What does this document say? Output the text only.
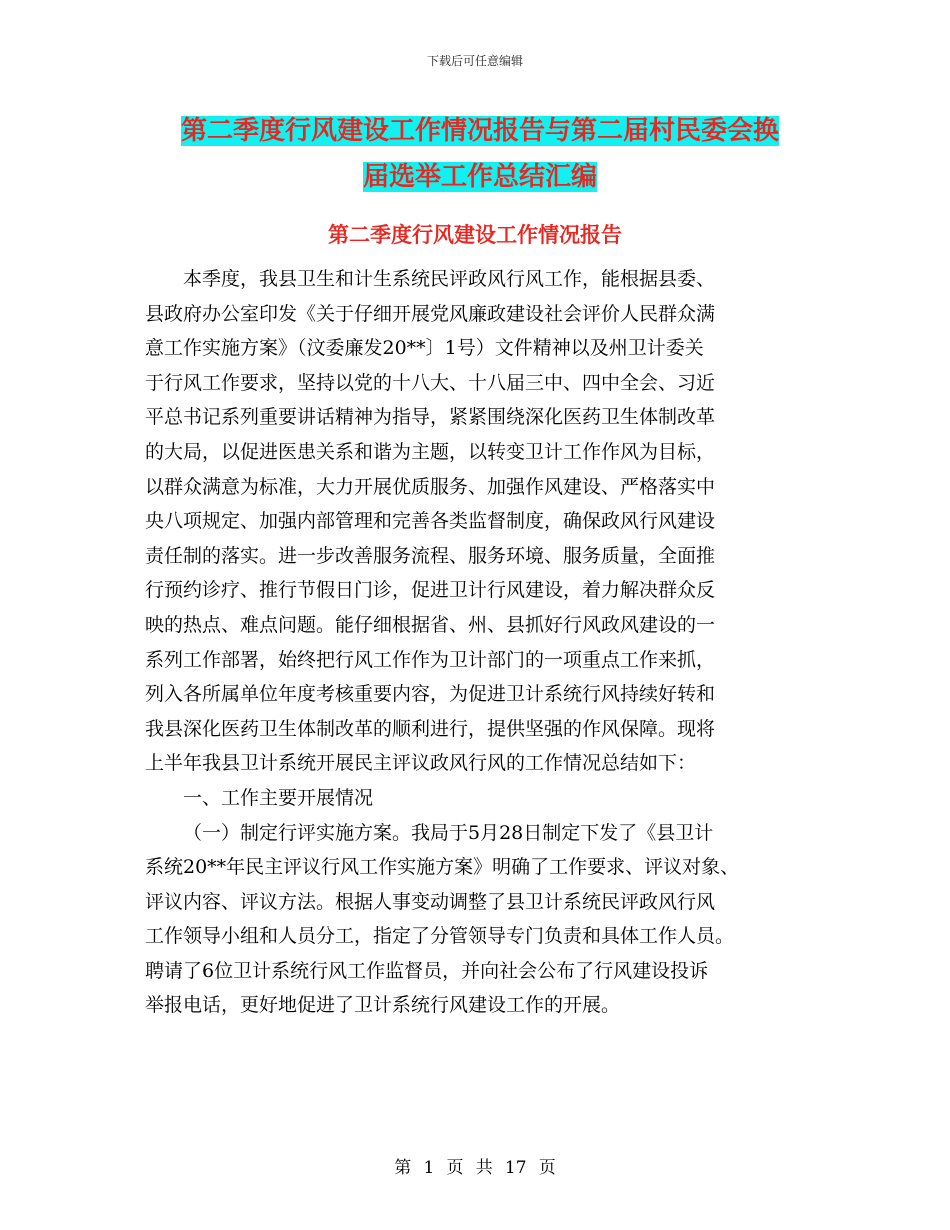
下载后可任意编辑
第二季度行风建设工作情况报告与第二届村民委会换
届选举工作总结汇编
第二季度行风建设工作情况报告

本季度，我县卫生和计生系统民评政风行风工作，能根据县委、
县政府办公室印发《关于仔细开展党风廉政建设社会评价人民群众满
意工作实施方案》（汶委廉发20**〕1号）文件精神以及州卫计委关
于行风工作要求，坚持以党的十八大、十八届三中、四中全会、习近
平总书记系列重要讲话精神为指导，紧紧围绕深化医药卫生体制改革
的大局，以促进医患关系和谐为主题，以转变卫计工作作风为目标，
以群众满意为标准，大力开展优质服务、加强作风建设、严格落实中
央八项规定、加强内部管理和完善各类监督制度，确保政风行风建设
责任制的落实。进一步改善服务流程、服务环境、服务质量，全面推
行预约诊疗、推行节假日门诊，促进卫计行风建设，着力解决群众反
映的热点、难点问题。能仔细根据省、州、县抓好行风政风建设的一
系列工作部署，始终把行风工作作为卫计部门的一项重点工作来抓，
列入各所属单位年度考核重要内容，为促进卫计系统行风持续好转和
我县深化医药卫生体制改革的顺利进行，提供坚强的作风保障。现将
上半年我县卫计系统开展民主评议政风行风的工作情况总结如下：

一、工作主要开展情况

（一）制定行评实施方案。我局于5月28日制定下发了《县卫计
系统20**年民主评议行风工作实施方案》明确了工作要求、评议对象、
评议内容、评议方法。根据人事变动调整了县卫计系统民评政风行风
工作领导小组和人员分工，指定了分管领导专门负责和具体工作人员。
聘请了6位卫计系统行风工作监督员，并向社会公布了行风建设投诉
举报电话，更好地促进了卫计系统行风建设工作的开展。

第 1 页 共 17 页
